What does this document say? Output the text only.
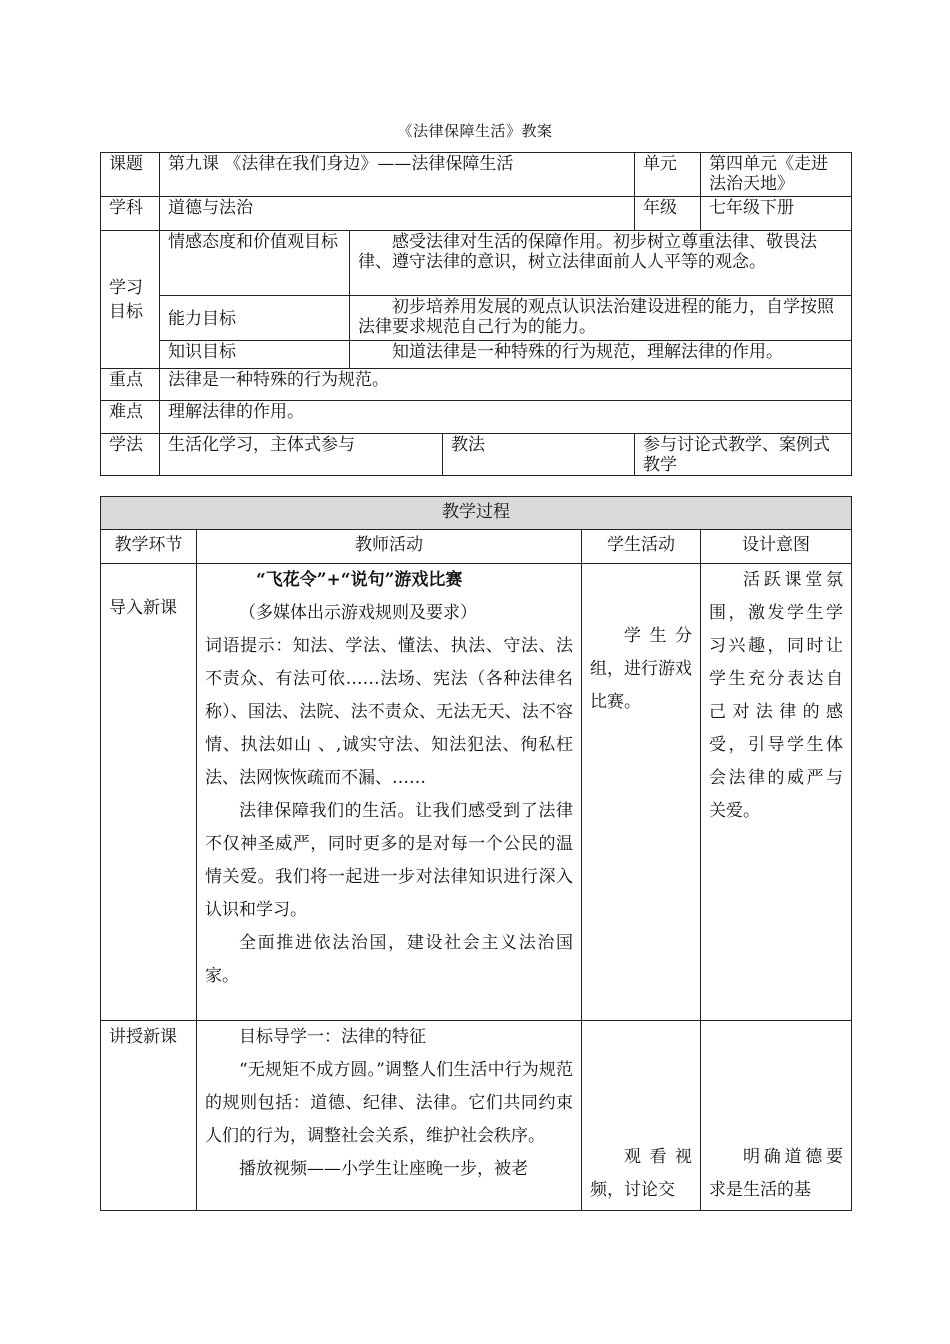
《法律保障生活》教案
课题	第九课 《法律在我们身边》——法律保障生活			单元	第四单元《走进法治天地》
学科	道德与法治			年级	七年级下册
学习目标	情感态度和价值观目标	感受法律对生活的保障作用。初步树立尊重法律、敬畏法律、遵守法律的意识，树立法律面前人人平等的观念。			
	能力目标	初步培养用发展的观点认识法治建设进程的能力，自学按照法律要求规范自己行为的能力。			
	知识目标	知道法律是一种特殊的行为规范，理解法律的作用。			
重点	法律是一种特殊的行为规范。				
难点	理解法律的作用。				
学法	生活化学习，主体式参与		教法	参与讨论式教学、案例式教学	
教学过程			
教学环节	教师活动	学生活动	设计意图
导入新课	“飞花令”+“说句”游戏比赛

（多媒体出示游戏规则及要求）

词语提示：知法、学法、懂法、执法、守法、法不责众、有法可依……法场、宪法（各种法律名称）、国法、法院、法不责众、无法无天、法不容情、执法如山 、,诚实守法、知法犯法、徇私枉法、法网恢恢疏而不漏、……

法律保障我们的生活。让我们感受到了法律不仅神圣威严，同时更多的是对每一个公民的温情关爱。我们将一起进一步对法律知识进行深入认识和学习。

全面推进依法治国，建设社会主义法治国家。	学生分组，进行游戏比赛。	活跃课堂氛围，激发学生学习兴趣，同时让学生充分表达自己对法律的感受，引导学生体会法律的威严与关爱。
讲授新课	目标导学一：法律的特征

“无规矩不成方圆。”调整人们生活中行为规范的规则包括：道德、纪律、法律。它们共同约束人们的行为，调整社会关系，维护社会秩序。

播放视频——小学生让座晚一步，被老	观看视频，讨论交	明确道德要求是生活的基
